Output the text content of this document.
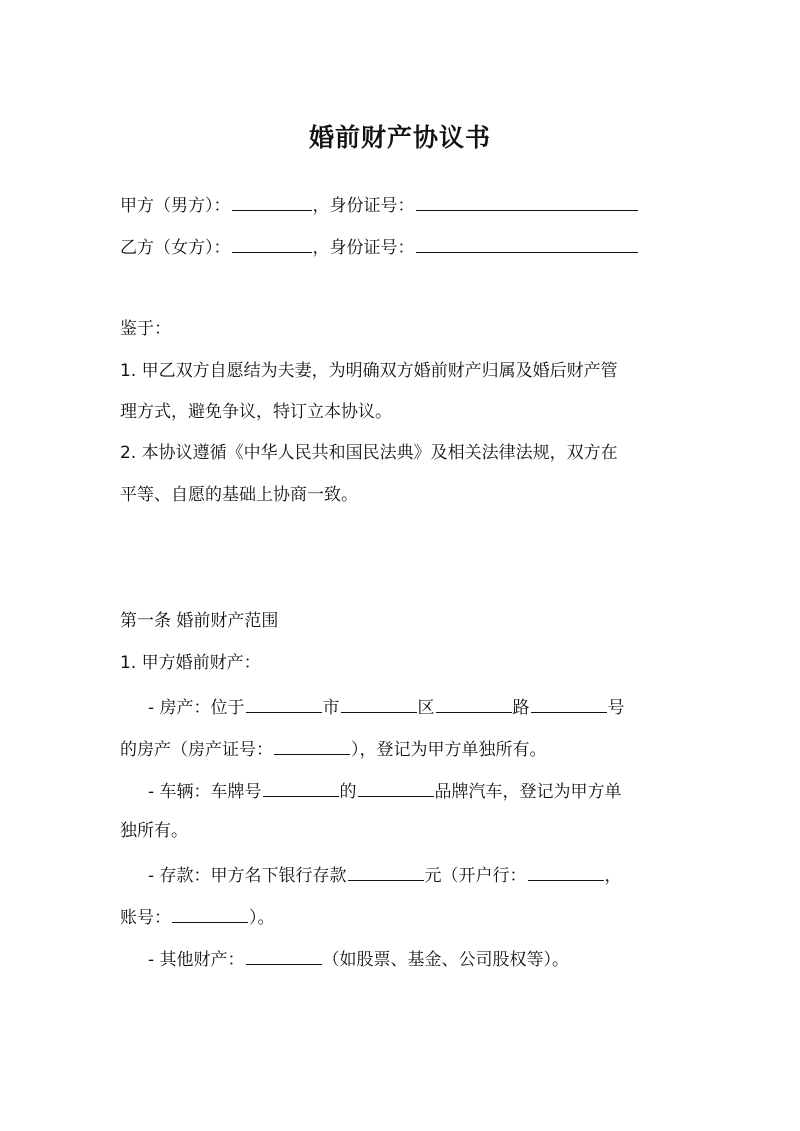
婚前财产协议书
甲方（男方）：	，身份证号：
乙方（女方）：	，身份证号：
鉴于：
1. 甲乙双方自愿结为夫妻，为明确双方婚前财产归属及婚后财产管
理方式，避免争议，特订立本协议。
2. 本协议遵循《中华人民共和国民法典》及相关法律法规，双方在
平等、自愿的基础上协商一致。
第一条 婚前财产范围
1. 甲方婚前财产：
- 房产：位于	市	区	路	号
的房产（房产证号：	），登记为甲方单独所有。
- 车辆：车牌号	的	品牌汽车，登记为甲方单
独所有。
- 存款：甲方名下银行存款	元（开户行：	，
账号：	）。
- 其他财产：	（如股票、基金、公司股权等）。
